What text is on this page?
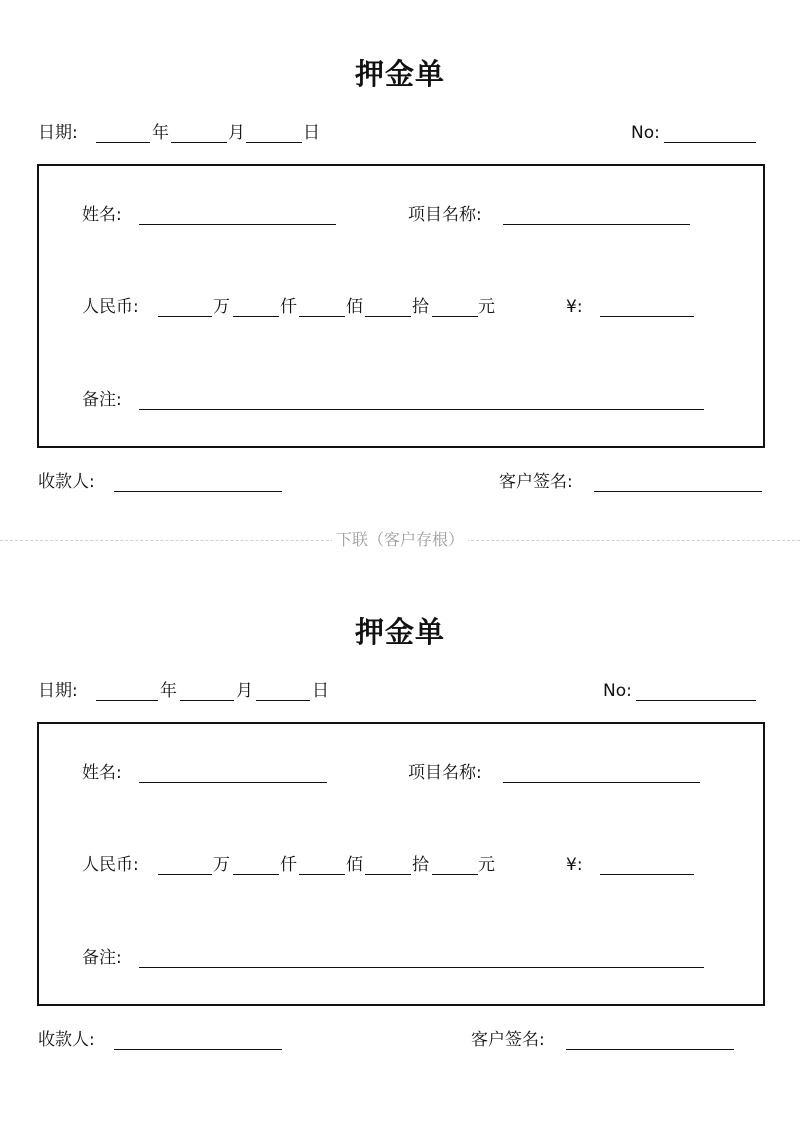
押金单
日期:	年	月	日	No:
姓名:	项目名称:
人民币:	万	仟	佰	拾	元	¥:
备注:
收款人:	客户签名:
下联（客户存根）
押金单
日期:	年	月	日	No:
姓名:	项目名称:
人民币:	万	仟	佰	拾	元	¥:
备注:
收款人:	客户签名:
